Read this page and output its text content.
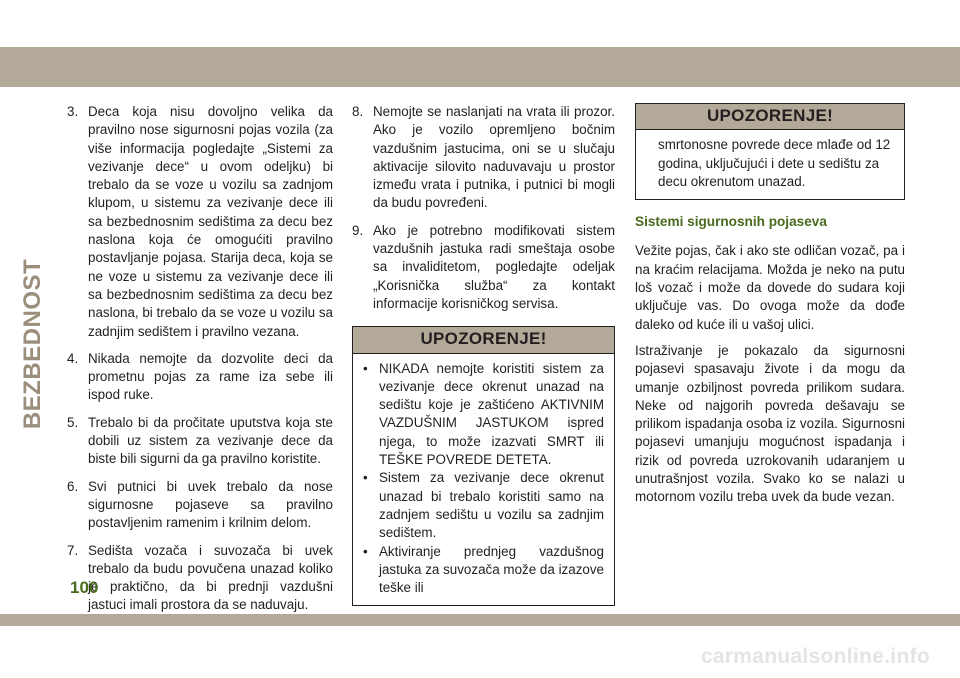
BEZBEDNOST
3. Deca koja nisu dovoljno velika da pravilno nose sigurnosni pojas vozila (za više informacija pogledajte „Sistemi za vezivanje dece“ u ovom odeljku) bi trebalo da se voze u vozilu sa zadnjom klupom, u sistemu za vezivanje dece ili sa bezbednosnim sedištima za decu bez naslona koja će omogućiti pravilno postavljanje pojasa. Starija deca, koja se ne voze u sistemu za vezivanje dece ili sa bezbednosnim sedištima za decu bez naslona, bi trebalo da se voze u vozilu sa zadnjim sedištem i pravilno vezana.
4. Nikada nemojte da dozvolite deci da prometnu pojas za rame iza sebe ili ispod ruke.
5. Trebalo bi da pročitate uputstva koja ste dobili uz sistem za vezivanje dece da biste bili sigurni da ga pravilno koristite.
6. Svi putnici bi uvek trebalo da nose sigurnosne pojaseve sa pravilno postavljenim ramenim i krilnim delom.
7. Sedišta vozača i suvozača bi uvek trebalo da budu povučena unazad koliko je praktično, da bi prednji vazdušni jastuci imali prostora da se naduvaju.
8. Nemojte se naslanjati na vrata ili prozor. Ako je vozilo opremljeno bočnim vazdušnim jastucima, oni se u slučaju aktivacije silovito naduvavaju u prostor između vrata i putnika, i putnici bi mogli da budu povređeni.
9. Ako je potrebno modifikovati sistem vazdušnih jastuka radi smeštaja osobe sa invaliditetom, pogledajte odeljak „Korisnička služba“ za kontakt informacije korisničkog servisa.
UPOZORENJE!
• NIKADA nemojte koristiti sistem za vezivanje dece okrenut unazad na sedištu koje je zaštićeno AKTIVNIM VAZDUŠNIM JASTUKOM ispred njega, to može izazvati SMRT ili TEŠKE POVREDE DETETA.
• Sistem za vezivanje dece okrenut unazad bi trebalo koristiti samo na zadnjem sedištu u vozilu sa zadnjim sedištem.
• Aktiviranje prednjeg vazdušnog jastuka za suvozača može da izazove teške ili
UPOZORENJE!
smrtonosne povrede dece mlađe od 12 godina, uključujući i dete u sedištu za decu okrenutom unazad.
Sistemi sigurnosnih pojaseva

Vežite pojas, čak i ako ste odličan vozač, pa i na kraćim relacijama. Možda je neko na putu loš vozač i može da dovede do sudara koji uključuje vas. Do ovoga može da dođe daleko od kuće ili u vašoj ulici.

Istraživanje je pokazalo da sigurnosni pojasevi spasavaju živote i da mogu da umanje ozbiljnost povreda prilikom sudara. Neke od najgorih povreda dešavaju se prilikom ispadanja osoba iz vozila. Sigurnosni pojasevi umanjuju mogućnost ispadanja i rizik od povreda uzrokovanih udaranjem u unutrašnjost vozila. Svako ko se nalazi u motornom vozilu treba uvek da bude vezan.

100
carmanualsonline.info
